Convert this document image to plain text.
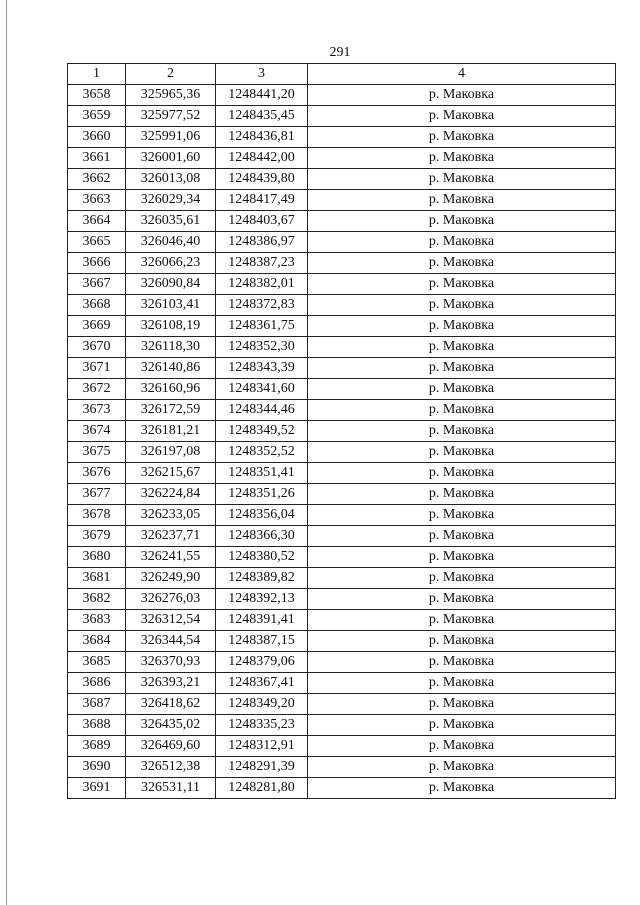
291
1	2	3	4
3658	325965,36	1248441,20	р. Маковка
3659	325977,52	1248435,45	р. Маковка
3660	325991,06	1248436,81	р. Маковка
3661	326001,60	1248442,00	р. Маковка
3662	326013,08	1248439,80	р. Маковка
3663	326029,34	1248417,49	р. Маковка
3664	326035,61	1248403,67	р. Маковка
3665	326046,40	1248386,97	р. Маковка
3666	326066,23	1248387,23	р. Маковка
3667	326090,84	1248382,01	р. Маковка
3668	326103,41	1248372,83	р. Маковка
3669	326108,19	1248361,75	р. Маковка
3670	326118,30	1248352,30	р. Маковка
3671	326140,86	1248343,39	р. Маковка
3672	326160,96	1248341,60	р. Маковка
3673	326172,59	1248344,46	р. Маковка
3674	326181,21	1248349,52	р. Маковка
3675	326197,08	1248352,52	р. Маковка
3676	326215,67	1248351,41	р. Маковка
3677	326224,84	1248351,26	р. Маковка
3678	326233,05	1248356,04	р. Маковка
3679	326237,71	1248366,30	р. Маковка
3680	326241,55	1248380,52	р. Маковка
3681	326249,90	1248389,82	р. Маковка
3682	326276,03	1248392,13	р. Маковка
3683	326312,54	1248391,41	р. Маковка
3684	326344,54	1248387,15	р. Маковка
3685	326370,93	1248379,06	р. Маковка
3686	326393,21	1248367,41	р. Маковка
3687	326418,62	1248349,20	р. Маковка
3688	326435,02	1248335,23	р. Маковка
3689	326469,60	1248312,91	р. Маковка
3690	326512,38	1248291,39	р. Маковка
3691	326531,11	1248281,80	р. Маковка
